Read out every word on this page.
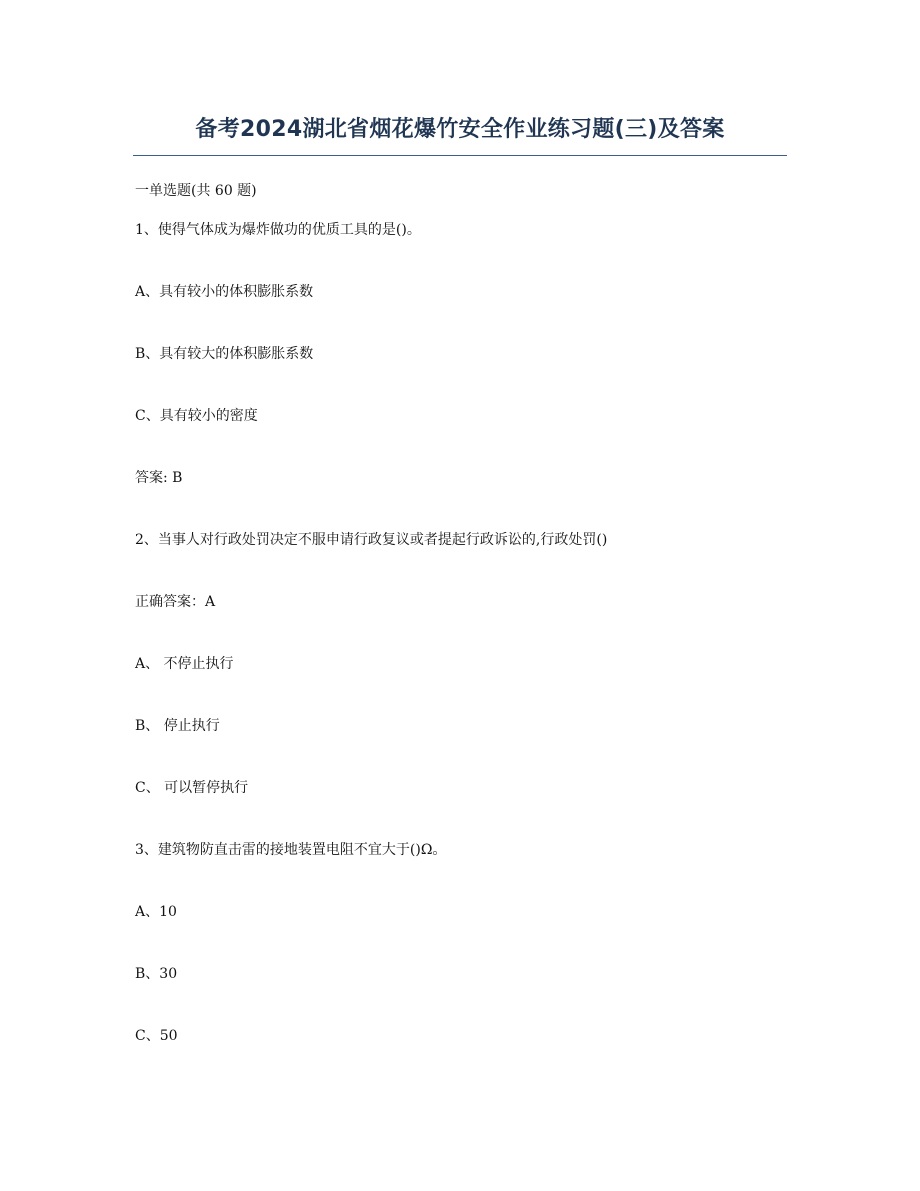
备考2024湖北省烟花爆竹安全作业练习题(三)及答案
一单选题(共 60 题)
1、使得气体成为爆炸做功的优质工具的是()。
A、具有较小的体积膨胀系数
B、具有较大的体积膨胀系数
C、具有较小的密度
答案: B
2、当事人对行政处罚决定不服申请行政复议或者提起行政诉讼的,行政处罚()
正确答案：A
A、 不停止执行
B、 停止执行
C、 可以暂停执行
3、建筑物防直击雷的接地装置电阻不宜大于()Ω。
A、10
B、30
C、50
